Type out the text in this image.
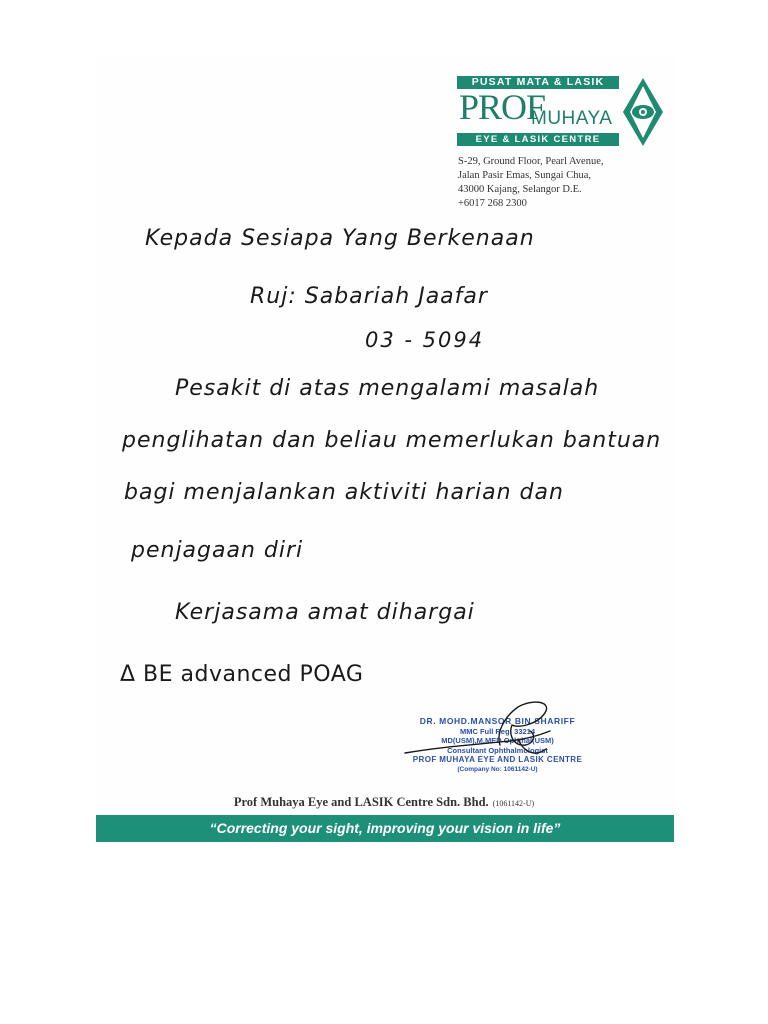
PUSAT MATA & LASIK
PROF
MUHAYA
EYE & LASIK CENTRE
S-29, Ground Floor, Pearl Avenue,
Jalan Pasir Emas, Sungai Chua,
43000 Kajang, Selangor D.E.
+6017 268 2300
Kepada Sesiapa Yang Berkenaan
Ruj: Sabariah Jaafar
03 - 5094
Pesakit di atas mengalami masalah
penglihatan dan beliau memerlukan bantuan
bagi menjalankan aktiviti harian dan
penjagaan diri
Kerjasama amat dihargai
Δ BE advanced POAG
DR. MOHD.MANSOR BIN SHARIFF
MMC Full Reg: 33214
MD(USM),M.MED Ophthal(USM)
Consultant Ophthalmologist
PROF MUHAYA EYE AND LASIK CENTRE
(Company No: 1061142-U)
Prof Muhaya Eye and LASIK Centre Sdn. Bhd. (1061142-U)
“Correcting your sight, improving your vision in life”
